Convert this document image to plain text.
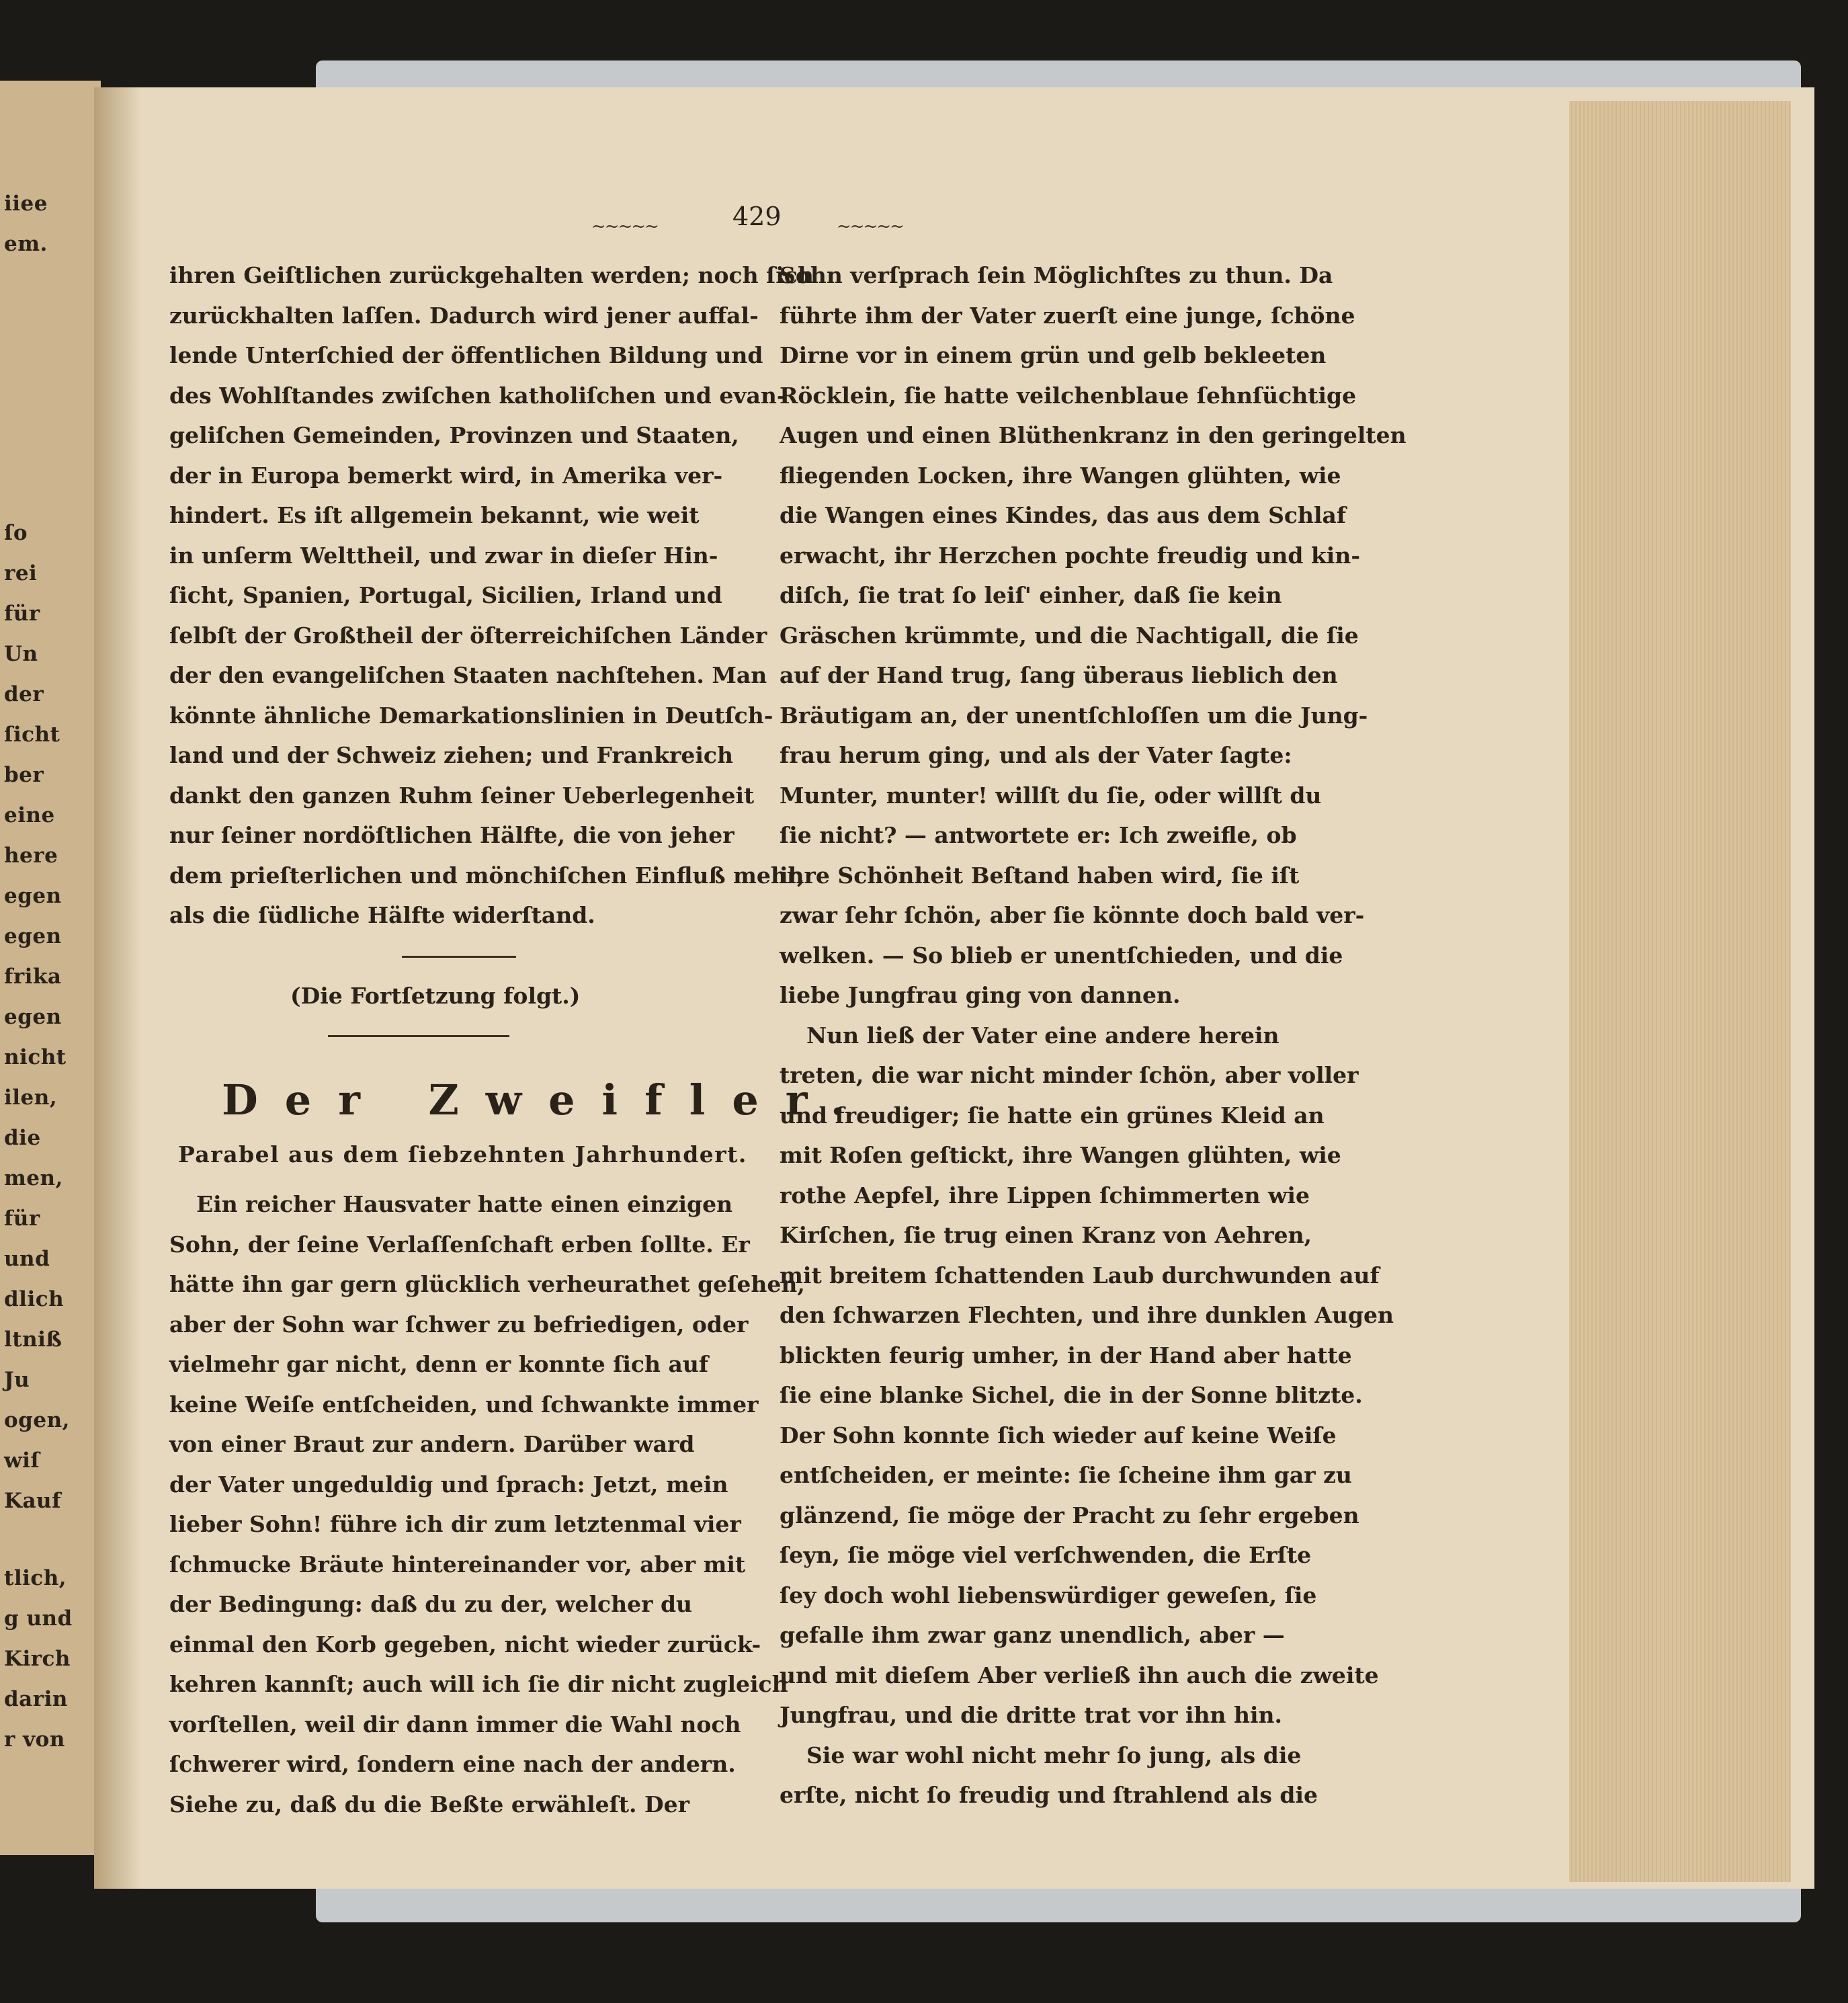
iiee
em.
ſo
rei
für
Un
der
ſicht
ber
eine
here
egen
egen
frika
egen
nicht
ilen,
die
men,
für
und
dlich
ltniß
Ju
ogen,
wiſ
Kauf
tlich,
g und
Kirch
darin
r von
~~~~~	429	~~~~~
ihren Geiſtlichen zurückgehalten werden; noch ſich
zurückhalten laſſen. Dadurch wird jener auffal-
lende Unterſchied der öffentlichen Bildung und
des Wohlſtandes zwiſchen katholiſchen und evan-
geliſchen Gemeinden, Provinzen und Staaten,
der in Europa bemerkt wird, in Amerika ver-
hindert. Es iſt allgemein bekannt, wie weit
in unſerm Welttheil, und zwar in dieſer Hin-
ſicht, Spanien, Portugal, Sicilien, Irland und
ſelbſt der Großtheil der öſterreichiſchen Länder
der den evangeliſchen Staaten nachſtehen. Man
könnte ähnliche Demarkationslinien in Deutſch-
land und der Schweiz ziehen; und Frankreich
dankt den ganzen Ruhm ſeiner Ueberlegenheit
nur ſeiner nordöſtlichen Hälfte, die von jeher
dem prieſterlichen und mönchiſchen Einfluß mehr,
als die ſüdliche Hälfte widerſtand.
(Die Fortſetzung folgt.)
Der Zweifler.
Parabel aus dem ſiebzehnten Jahrhundert.
Ein reicher Hausvater hatte einen einzigen
Sohn, der ſeine Verlaſſenſchaft erben ſollte. Er
hätte ihn gar gern glücklich verheurathet geſehen,
aber der Sohn war ſchwer zu befriedigen, oder
vielmehr gar nicht, denn er konnte ſich auf
keine Weiſe entſcheiden, und ſchwankte immer
von einer Braut zur andern. Darüber ward
der Vater ungeduldig und ſprach: Jetzt, mein
lieber Sohn! führe ich dir zum letztenmal vier
ſchmucke Bräute hintereinander vor, aber mit
der Bedingung: daß du zu der, welcher du
einmal den Korb gegeben, nicht wieder zurück-
kehren kannſt; auch will ich ſie dir nicht zugleich
vorſtellen, weil dir dann immer die Wahl noch
ſchwerer wird, ſondern eine nach der andern.
Siehe zu, daß du die Beßte erwähleſt. Der
Sohn verſprach ſein Möglichſtes zu thun. Da
führte ihm der Vater zuerſt eine junge, ſchöne
Dirne vor in einem grün und gelb bekleeten
Röcklein, ſie hatte veilchenblaue ſehnſüchtige
Augen und einen Blüthenkranz in den geringelten
fliegenden Locken, ihre Wangen glühten, wie
die Wangen eines Kindes, das aus dem Schlaf
erwacht, ihr Herzchen pochte freudig und kin-
diſch, ſie trat ſo leiſ' einher, daß ſie kein
Gräschen krümmte, und die Nachtigall, die ſie
auf der Hand trug, ſang überaus lieblich den
Bräutigam an, der unentſchloſſen um die Jung-
frau herum ging, und als der Vater ſagte:
Munter, munter! willſt du ſie, oder willſt du
ſie nicht? — antwortete er: Ich zweifle, ob
ihre Schönheit Beſtand haben wird, ſie iſt
zwar ſehr ſchön, aber ſie könnte doch bald ver-
welken. — So blieb er unentſchieden, und die
liebe Jungfrau ging von dannen.
Nun ließ der Vater eine andere herein
treten, die war nicht minder ſchön, aber voller
und freudiger; ſie hatte ein grünes Kleid an
mit Roſen geſtickt, ihre Wangen glühten, wie
rothe Aepfel, ihre Lippen ſchimmerten wie
Kirſchen, ſie trug einen Kranz von Aehren,
mit breitem ſchattenden Laub durchwunden auf
den ſchwarzen Flechten, und ihre dunklen Augen
blickten feurig umher, in der Hand aber hatte
ſie eine blanke Sichel, die in der Sonne blitzte.
Der Sohn konnte ſich wieder auf keine Weiſe
entſcheiden, er meinte: ſie ſcheine ihm gar zu
glänzend, ſie möge der Pracht zu ſehr ergeben
ſeyn, ſie möge viel verſchwenden, die Erſte
ſey doch wohl liebenswürdiger geweſen, ſie
gefalle ihm zwar ganz unendlich, aber —
und mit dieſem Aber verließ ihn auch die zweite
Jungfrau, und die dritte trat vor ihn hin.
Sie war wohl nicht mehr ſo jung, als die
erſte, nicht ſo freudig und ſtrahlend als die
